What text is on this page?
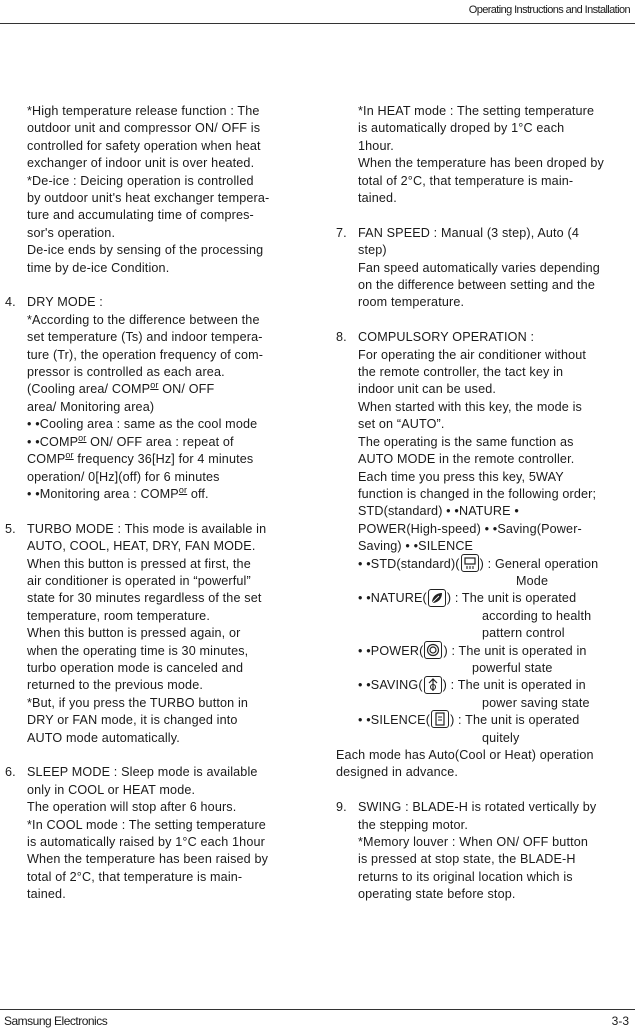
Operating Instructions and Installation
*High temperature release function : The
outdoor unit and compressor ON/ OFF is
controlled for safety operation when heat
exchanger of indoor unit is over heated.
*De-ice : Deicing operation is controlled
by outdoor unit's heat exchanger tempera-
ture and accumulating time of compres-
sor's operation.
De-ice ends by sensing of the processing
time by de-ice Condition.
4. DRY MODE :
*According to the difference between the
set temperature (Ts) and indoor tempera-
ture (Tr), the operation frequency of com-
pressor is controlled as each area.
(Cooling area/ $COMP^{or}$ ON/ OFF
area/ Monitoring area)
• •Cooling area : same as the cool mode
• $•COMP^{or}$ ON/ OFF area : repeat of
$COMP^{or}$ frequency 36[Hz] for 4 minutes
operation/ 0[Hz](off) for 6 minutes
• •Monitoring area : $COMP^{or}$ off.
5. TURBO MODE : This mode is available in
AUTO, COOL, HEAT, DRY, FAN MODE.
When this button is pressed at first, the
air conditioner is operated in “powerful”
state for 30 minutes regardless of the set
temperature, room temperature.
When this button is pressed again, or
when the operating time is 30 minutes,
turbo operation mode is canceled and
returned to the previous mode.
*But, if you press the TURBO button in
DRY or FAN mode, it is changed into
AUTO mode automatically.
6. SLEEP MODE : Sleep mode is available
only in COOL or HEAT mode.
The operation will stop after 6 hours.
*In COOL mode : The setting temperature
is automatically raised by 1°C each 1hour
When the temperature has been raised by
total of 2°C, that temperature is main-
tained.
*In HEAT mode : The setting temperature
is automatically droped by 1°C each
1hour.
When the temperature has been droped by
total of 2°C, that temperature is main-
tained.
7. FAN SPEED : Manual (3 step), Auto (4
step)
Fan speed automatically varies depending
on the difference between setting and the
room temperature.
8. COMPULSORY OPERATION :
For operating the air conditioner without
the remote controller, the tact key in
indoor unit can be used.
When started with this key, the mode is
set on “AUTO”.
The operating is the same function as
AUTO MODE in the remote controller.
Each time you press this key, 5WAY
function is changed in the following order;
STD(standard) • •NATURE •
POWER(High-speed) • •Saving(Power-
Saving) • •SILENCE
• •STD(standard)( ) : General operation
Mode
• •NATURE( ) : The unit is operated
according to health
pattern control
• •POWER( ) : The unit is operated in
powerful state
• •SAVING( ) : The unit is operated in
power saving state
• •SILENCE( ) : The unit is operated
quitely
Each mode has Auto(Cool or Heat) operation
designed in advance.
9. SWING : BLADE-H is rotated vertically by
the stepping motor.
*Memory louver : When ON/ OFF button
is pressed at stop state, the BLADE-H
returns to its original location which is
operating state before stop.
Samsung Electronics	3-3
